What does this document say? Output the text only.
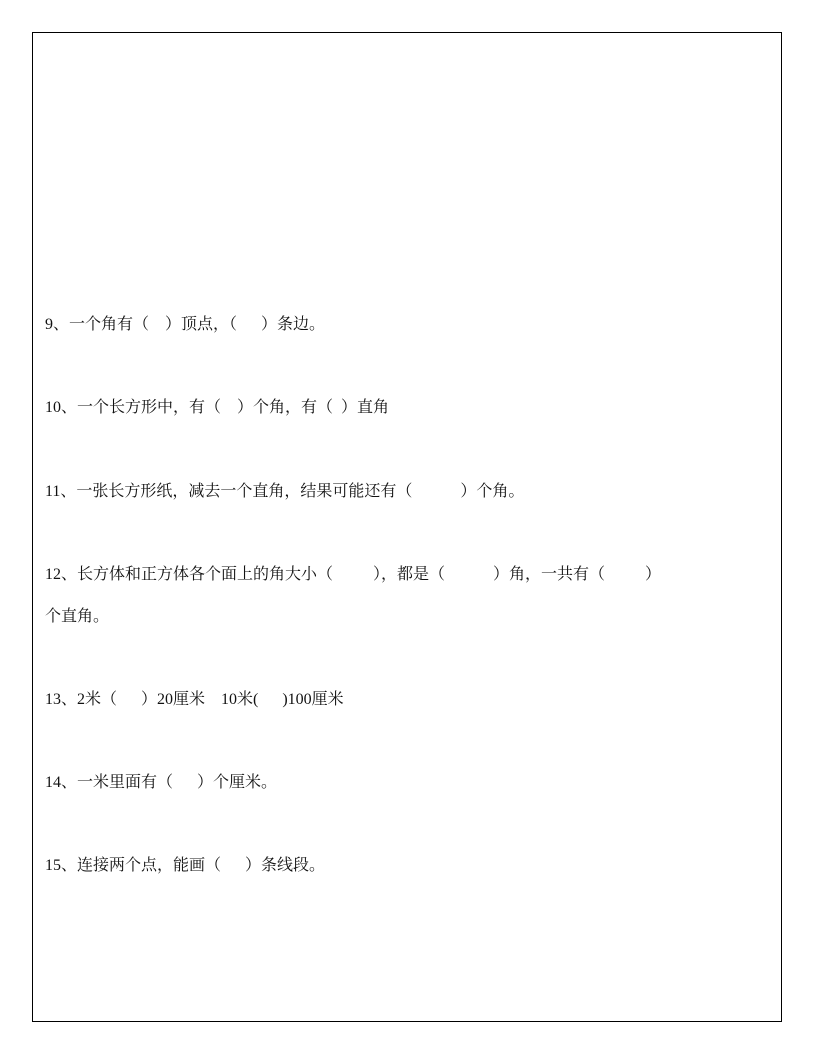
9、一个角有（    ）顶点，（      ）条边。

10、一个长方形中，有（    ）个角，有（  ）直角

11、一张长方形纸，减去一个直角，结果可能还有（            ）个角。

12、长方体和正方体各个面上的角大小（          ），都是（            ）角，一共有（          ）
个直角。

13、2米（      ）20厘米    10米(      )100厘米

14、一米里面有（      ）个厘米。

15、连接两个点，能画（      ）条线段。
